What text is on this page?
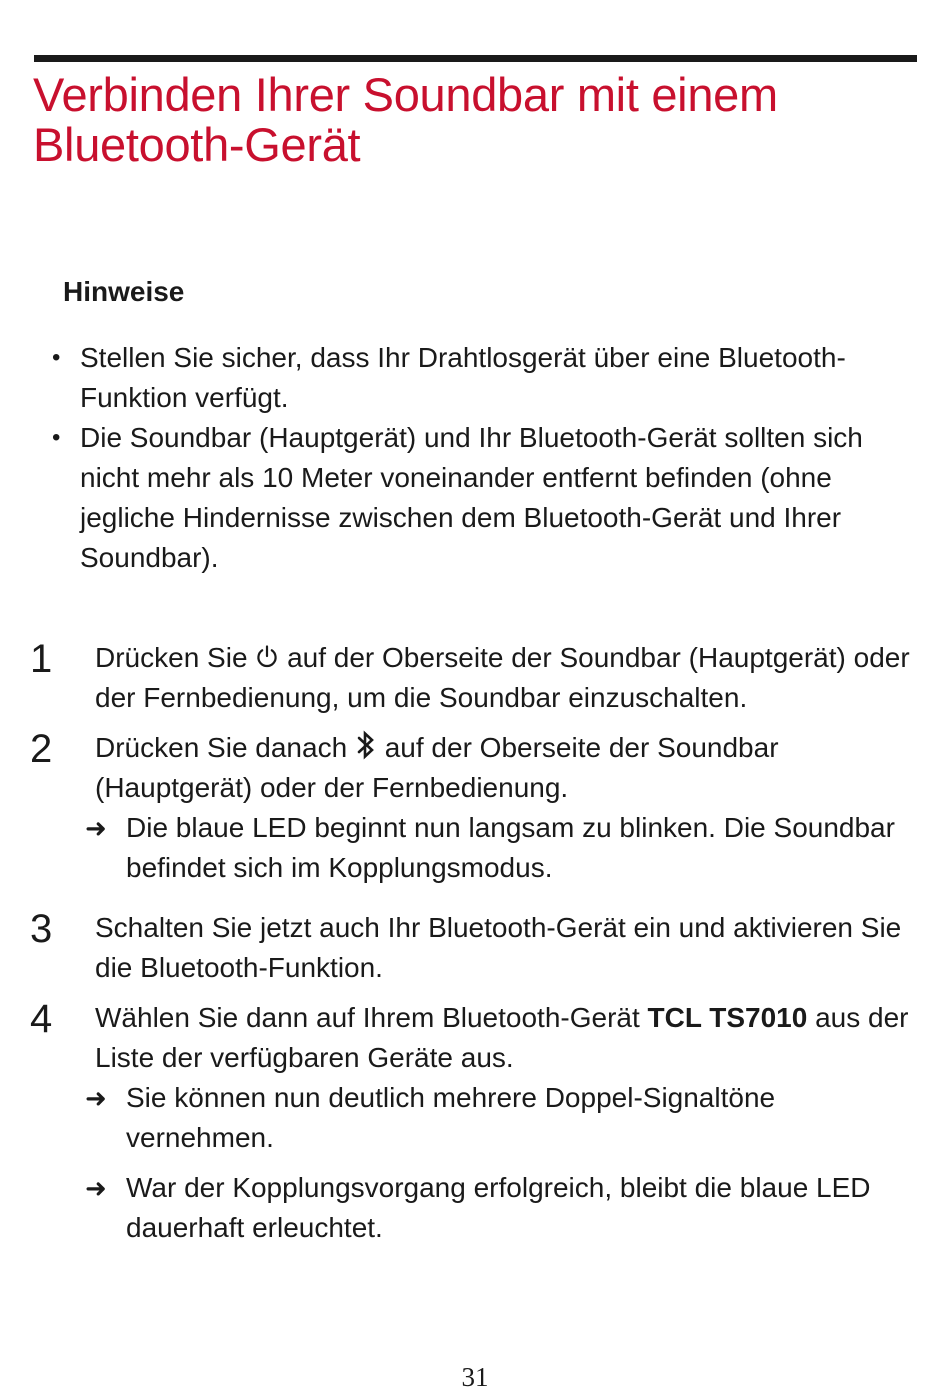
Verbinden Ihrer Soundbar mit einem
Bluetooth-Gerät
Hinweise
• Stellen Sie sicher, dass Ihr Drahtlosgerät über eine Bluetooth-Funktion verfügt.
• Die Soundbar (Hauptgerät) und Ihr Bluetooth-Gerät sollten sich nicht mehr als 10 Meter voneinander entfernt befinden (ohne jegliche Hindernisse zwischen dem Bluetooth-Gerät und Ihrer Soundbar).
1 Drücken Sie auf der Oberseite der Soundbar (Hauptgerät) oder der Fernbedienung, um die Soundbar einzuschalten.
2 Drücken Sie danach auf der Oberseite der Soundbar (Hauptgerät) oder der Fernbedienung.
➜ Die blaue LED beginnt nun langsam zu blinken. Die Soundbar befindet sich im Kopplungsmodus.
3 Schalten Sie jetzt auch Ihr Bluetooth-Gerät ein und aktivieren Sie die Bluetooth-Funktion.
4 Wählen Sie dann auf Ihrem Bluetooth-Gerät TCL TS7010 aus der Liste der verfügbaren Geräte aus.
➜ Sie können nun deutlich mehrere Doppel-Signaltöne vernehmen.
➜ War der Kopplungsvorgang erfolgreich, bleibt die blaue LED dauerhaft erleuchtet.
31
